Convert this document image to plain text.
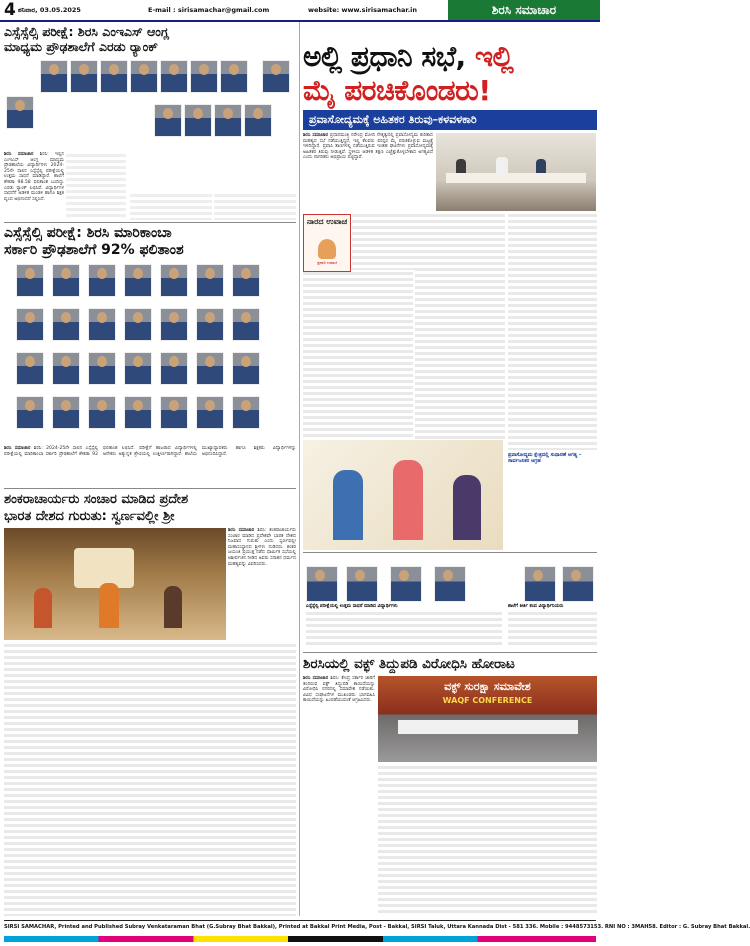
4 ಶನಿವಾರ, 03.05.2025	E-mail : sirisamachar@gmail.com	website: www.sirisamachar.in	ಶಿರಸಿ ಸಮಾಚಾರ
ಎಸ್ಸೆಸ್ಸೆಲ್ಸಿ ಪರೀಕ್ಷೆ: ಶಿರಸಿ ಎಂಇಎಸ್ ಆಂಗ್ಲ
ಮಾಧ್ಯಮ ಪ್ರೌಢಶಾಲೆಗೆ ಎರಡು ರ‍್ಯಾಂಕ್
ಶಿರಸಿ ಸಮಾಚಾರ ಶಿರಸಿ: ಇಲ್ಲಿನ ಎಂಇಎಸ್ ಆಂಗ್ಲ ಮಾಧ್ಯಮ ಪ್ರೌಢಶಾಲೆಯ ವಿದ್ಯಾರ್ಥಿಗಳು 2024-25ನೇ ಸಾಲಿನ ಎಸ್ಸೆಸ್ಸೆಲ್ಸಿ ಪರೀಕ್ಷೆಯಲ್ಲಿ ಉತ್ತಮ ಸಾಧನೆ ಮಾಡಿದ್ದಾರೆ. ಶಾಲೆಗೆ ಶೇಕಡಾ 98.58 ಫಲಿತಾಂಶ ಬಂದಿದ್ದು ಎರಡು ರ‍್ಯಾಂಕ್ ಲಭಿಸಿವೆ. ವಿದ್ಯಾರ್ಥಿಗಳ ಸಾಧನೆಗೆ ಆಡಳಿತ ಮಂಡಳಿ ಹಾಗೂ ಶಿಕ್ಷಕ ವೃಂದ ಅಭಿನಂದನೆ ಸಲ್ಲಿಸಿದೆ.
ಎಸ್ಸೆಸ್ಸೆಲ್ಸಿ ಪರೀಕ್ಷೆ: ಶಿರಸಿ ಮಾರಿಕಾಂಬಾ
ಸರ್ಕಾರಿ ಪ್ರೌಢಶಾಲೆಗೆ 92% ಫಲಿತಾಂಶ
ಶಿರಸಿ ಸಮಾಚಾರ ಶಿರಸಿ: 2024-25ನೇ ಸಾಲಿನ ಎಸ್ಸೆಸ್ಸೆಲ್ಸಿ ಪರೀಕ್ಷೆಯಲ್ಲಿ ಮಾರಿಕಾಂಬಾ ಸರ್ಕಾರಿ ಪ್ರೌಢಶಾಲೆಗೆ ಶೇಕಡಾ 92 ಫಲಿತಾಂಶ ಲಭಿಸಿದೆ. ಪರೀಕ್ಷೆಗೆ ಹಾಜರಾದ ವಿದ್ಯಾರ್ಥಿಗಳಲ್ಲಿ ಅನೇಕರು ಅತ್ಯುನ್ನತ ಶ್ರೇಣಿಯಲ್ಲಿ ಉತ್ತೀರ್ಣರಾಗಿದ್ದಾರೆ. ಶಾಲೆಯ ಮುಖ್ಯಾಧ್ಯಾಪಕರು ಹಾಗೂ ಶಿಕ್ಷಕರು ವಿದ್ಯಾರ್ಥಿಗಳನ್ನು ಅಭಿನಂದಿಸಿದ್ದಾರೆ.
ಶಂಕರಾಚಾರ್ಯರು ಸಂಚಾರ ಮಾಡಿದ ಪ್ರದೇಶ
ಭಾರತ ದೇಶದ ಗುರುತು: ಸ್ವರ್ಣವಲ್ಲೀ ಶ್ರೀ
ಶಿರಸಿ ಸಮಾಚಾರ ಶಿರಸಿ: ಶಂಕರಾಚಾರ್ಯರು ಸಂಚಾರ ಮಾಡಿದ ಪ್ರದೇಶವೇ ಭಾರತ ದೇಶದ ನಿಜವಾದ ಗುರುತು ಎಂದು ಸ್ವರ್ಣವಲ್ಲೀ ಮಹಾಸಂಸ್ಥಾನದ ಶ್ರೀಗಳು ನುಡಿದರು. ಶಂಕರ ಜಯಂತಿ ಪ್ರಯುಕ್ತ ನಡೆದ ಧಾರ್ಮಿಕ ಸಭೆಯಲ್ಲಿ ಆಶೀರ್ವಚನ ನೀಡಿದ ಅವರು ಸನಾತನ ಧರ್ಮದ ಮಹತ್ವವನ್ನು ವಿವರಿಸಿದರು.
ಅಲ್ಲಿ ಪ್ರಧಾನಿ ಸಭೆ, ಇಲ್ಲಿ
ಮೈ ಪರಚಿಕೊಂಡರು!
ಪ್ರವಾಸೋದ್ಯಮಕ್ಕೆ ಅಹಿತಕರ ತಿರುವು–ಕಳವಳಕಾರಿ
ಶಿರಸಿ ಸಮಾಚಾರ ಪ್ರಧಾನಮಂತ್ರಿ ನರೇಂದ್ರ ಮೋದಿ ನೇತೃತ್ವದಲ್ಲಿ ಪ್ರವಾಸೋದ್ಯಮ ಕುರಿತಾದ ಮಹತ್ವದ ಸಭೆ ನಡೆಯುತ್ತಿದ್ದರೆ, ಇಲ್ಲಿ ಕೆಲವರು ಪರಸ್ಪರ ಮೈ ಪರಚಿಕೊಳ್ಳುವ ಮಟ್ಟಕ್ಕೆ ಇಳಿದಿದ್ದಾರೆ. ಪ್ರವಾಸಿ ತಾಣಗಳಲ್ಲಿ ನಡೆಯುತ್ತಿರುವ ಇಂತಹ ಘಟನೆಗಳು ಪ್ರವಾಸೋದ್ಯಮಕ್ಕೆ ಅಹಿತಕರ ತಿರುವು ನೀಡುತ್ತಿವೆ. ಸ್ಥಳೀಯ ಆಡಳಿತ ತಕ್ಷಣ ಎಚ್ಚೆತ್ತುಕೊಳ್ಳಬೇಕಾದ ಅಗತ್ಯವಿದೆ ಎಂದು ನಾಗರಿಕರು ಅಭಿಪ್ರಾಯ ಪಟ್ಟಿದ್ದಾರೆ.
ನಾರದ ಉವಾಚ
ಪ್ರಧಾನಿ ಉವಾಚ
ಪ್ರವಾಸೋದ್ಯಮ ಕ್ಷೇತ್ರದಲ್ಲಿ ಸುಧಾರಣೆ ಅಗತ್ಯ – ಸಾರ್ವಜನಿಕರ ಆಗ್ರಹ
ಎಸ್ಸೆಸ್ಸೆಲ್ಸಿ ಪರೀಕ್ಷೆಯಲ್ಲಿ ಉತ್ತಮ ಸಾಧನೆ ಮಾಡಿದ ವಿದ್ಯಾರ್ಥಿಗಳು	ಶಾಲೆಗೆ ಕೀರ್ತಿ ತಂದ ವಿದ್ಯಾರ್ಥಿನಿಯರು
ಶಿರಸಿಯಲ್ಲಿ ವಕ್ಫ್ ತಿದ್ದುಪಡಿ ವಿರೋಧಿಸಿ ಹೋರಾಟ
ಶಿರಸಿ ಸಮಾಚಾರ ಶಿರಸಿ: ಕೇಂದ್ರ ಸರ್ಕಾರ ಜಾರಿಗೆ ತಂದಿರುವ ವಕ್ಫ್ ತಿದ್ದುಪಡಿ ಕಾಯಿದೆಯನ್ನು ವಿರೋಧಿಸಿ ನಗರದಲ್ಲಿ ಸಮಾವೇಶ ನಡೆಯಿತು. ವಿವಿಧ ಸಂಘಟನೆಗಳ ಮುಖಂಡರು ಭಾಗವಹಿಸಿ ಕಾಯಿದೆಯನ್ನು ಹಿಂಪಡೆಯುವಂತೆ ಆಗ್ರಹಿಸಿದರು.
ವಕ್ಫ್ ಸುರಕ್ಷಾ ಸಮಾವೇಶ
WAQF CONFERENCE
SIRSI SAMACHAR, Printed and Published Subray Venkataraman Bhat (G.Subray Bhat Bakkal), Printed at Bakkal Print Media, Post - Bakkal, SIRSI Taluk, Uttara Kannada Dist - 581 336. Mobile : 9448573153. RNI NO : 3MAH58. Editor : G. Subray Bhat Bakkal.
